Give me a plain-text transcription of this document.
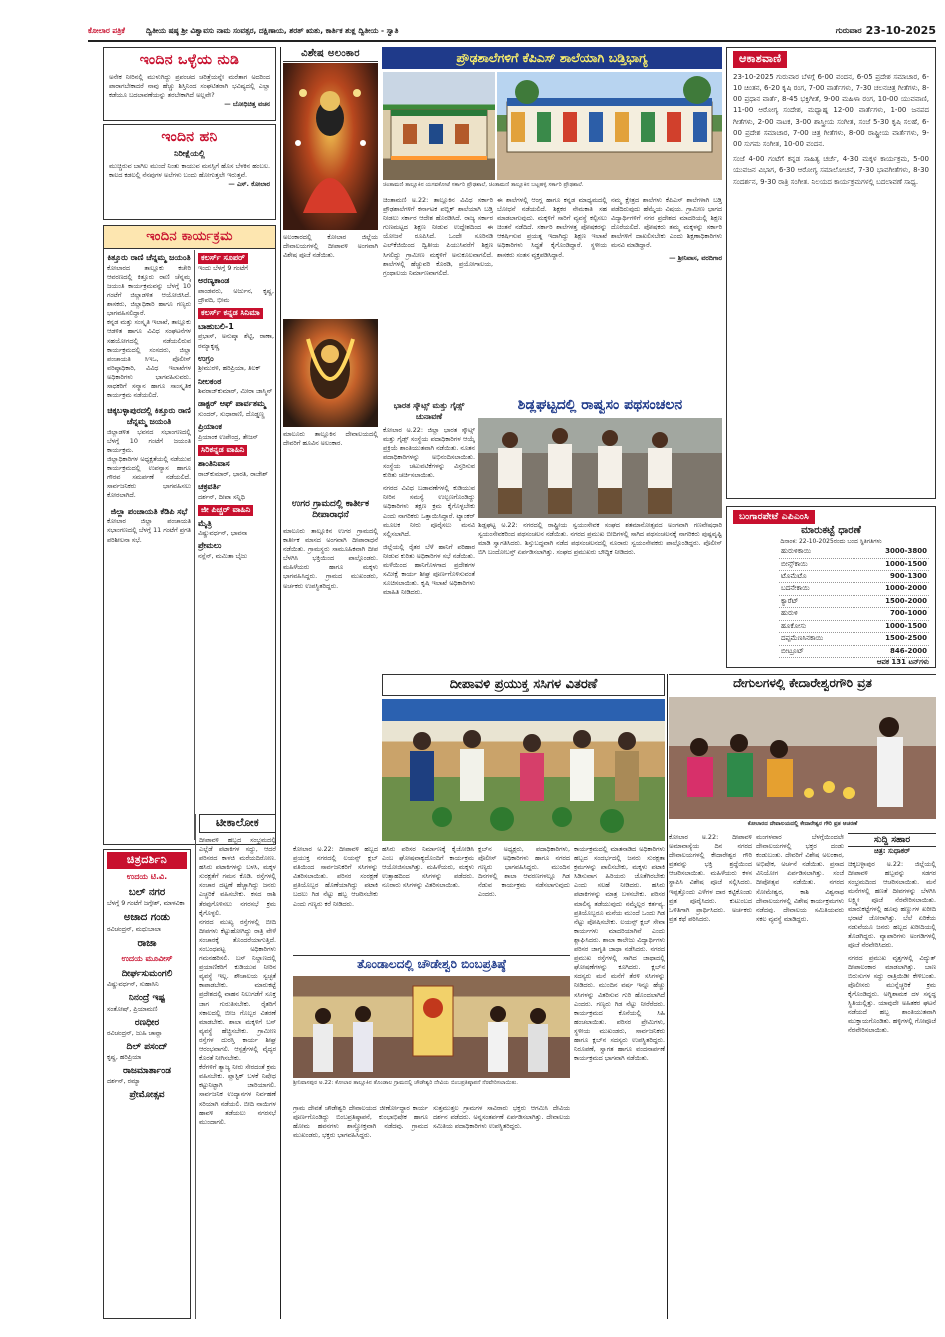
ಕೋಲಾರ ಪತ್ರಿಕೆ	ದ್ವಿತೀಯ ಷಷ್ಠ ಶ್ರೀ ವಿಶ್ವಾವಸು ನಾಮ ಸಂವತ್ಸರ, ದಕ್ಷಿಣಾಯ, ಶರತ್ ಋತು, ಕಾರ್ತಿಕ ಶುಕ್ಲ ದ್ವಿತೀಯ - ಸ್ವಾತಿ	ಗುರುವಾರ 23-10-2025
ಇಂದಿನ ಒಳ್ಳೆಯ ನುಡಿ
ಅನೇಕ ನೀರಿನಲ್ಲಿ ಮುಳುಗಿದ್ದು ಪ್ರಪಂಚದ ಚರಿತ್ರೆಯನ್ನೇ ಮರೆತಾಗ ಅದರಿಂದ ಪಾರಾಗಬೇಕಾದರೆ ನಾವು ಹೆಚ್ಚು ಶಿಸ್ತಿನಿಂದ ಸಂಘಟಿತರಾಗಿ ಭವಿಷ್ಯದಲ್ಲಿ ಎಲ್ಲಾ ಕಡೆಯೂ ಬದಲಾವಣೆಯನ್ನು ತರಬೇಕಾಗಿದೆ ಅಲ್ಲವೇ?
— ಬೋಧಿಚಿತ್ತ ವಚನ
ಇಂದಿನ ಹನಿ
ನಿರೀಕ್ಷೆಯಲ್ಲಿ
ಮುಚ್ಚಿರುವ ಬಾಗಿಲ ಮುಂದೆ ನಿಂತು ಕಾಯುವ ಮನಸ್ಸಿಗೆ ಹೊಸ ಬೆಳಕಿನ ಹಂಬಲ. ಕಾಲದ ಕಡಲಲ್ಲಿ ನೆನಪುಗಳ ಅಲೆಗಳು ಬಂದು ಹೋಗುತ್ತಲೇ ಇರುತ್ತವೆ.
— ಎಸ್. ಕೋಲಾರ
ಇಂದಿನ ಕಾರ್ಯಕ್ರಮ
ಕಿತ್ತೂರು ರಾಣಿ ಚೆನ್ನಮ್ಮ ಜಯಂತಿ
ಕೋಲಾರದ ತಾಲ್ಲೂಕು ಕಚೇರಿ ಆವರಣದಲ್ಲಿ ಕಿತ್ತೂರು ರಾಣಿ ಚೆನ್ನಮ್ಮ ಜಯಂತಿ ಕಾರ್ಯಕ್ರಮವನ್ನು ಬೆಳಗ್ಗೆ 10 ಗಂಟೆಗೆ ಜಿಲ್ಲಾಡಳಿತ ಆಯೋಜಿಸಿದೆ. ಶಾಸಕರು, ಜಿಲ್ಲಾಧಿಕಾರಿ ಹಾಗೂ ಗಣ್ಯರು ಭಾಗವಹಿಸಲಿದ್ದಾರೆ.
ಕನ್ನಡ ಮತ್ತು ಸಂಸ್ಕೃತಿ ಇಲಾಖೆ, ತಾಲ್ಲೂಕು ಆಡಳಿತ ಹಾಗೂ ವಿವಿಧ ಸಂಘಟನೆಗಳ ಸಹಯೋಗದಲ್ಲಿ ನಡೆಯಲಿರುವ ಕಾರ್ಯಕ್ರಮದಲ್ಲಿ ಸಂಸದರು, ಜಿಲ್ಲಾ ಪಂಚಾಯತಿ ಸಿಇಒ, ಪೊಲೀಸ್ ವರಿಷ್ಠಾಧಿಕಾರಿ, ವಿವಿಧ ಇಲಾಖೆಗಳ ಅಧಿಕಾರಿಗಳು ಭಾಗವಹಿಸುವರು. ಸಾಧಕರಿಗೆ ಸನ್ಮಾನ ಹಾಗೂ ಸಾಂಸ್ಕೃತಿಕ ಕಾರ್ಯಕ್ರಮ ನಡೆಯಲಿದೆ.
ಚಿಕ್ಕಬಳ್ಳಾಪುರದಲ್ಲಿ ಕಿತ್ತೂರು ರಾಣಿ ಚೆನ್ನಮ್ಮ ಜಯಂತಿ
ಜಿಲ್ಲಾಡಳಿತ ಭವನದ ಸಭಾಂಗಣದಲ್ಲಿ ಬೆಳಗ್ಗೆ 10 ಗಂಟೆಗೆ ಜಯಂತಿ ಕಾರ್ಯಕ್ರಮ.
ಜಿಲ್ಲಾಧಿಕಾರಿಗಳ ಅಧ್ಯಕ್ಷತೆಯಲ್ಲಿ ನಡೆಯುವ ಕಾರ್ಯಕ್ರಮದಲ್ಲಿ ಉಪನ್ಯಾಸ ಹಾಗೂ ಗೌರವ ಸಮರ್ಪಣೆ ನಡೆಯಲಿದೆ. ಸಾರ್ವಜನಿಕರು ಭಾಗವಹಿಸಲು ಕೋರಲಾಗಿದೆ.
ಜಿಲ್ಲಾ ಪಂಚಾಯತಿ ಕೆಡಿಪಿ ಸಭೆ
ಕೋಲಾರ ಜಿಲ್ಲಾ ಪಂಚಾಯತಿ ಸಭಾಂಗಣದಲ್ಲಿ ಬೆಳಗ್ಗೆ 11 ಗಂಟೆಗೆ ಪ್ರಗತಿ ಪರಿಶೀಲನಾ ಸಭೆ.
ಕಲರ್ಸ್ ಸೂಪರ್
ಇಂದು ಬೆಳಗ್ಗೆ 9 ಗಂಟೆಗೆ
ಅರಣ್ಯಕಾಂಡ
ಪಾಂಡವರು, ಅರ್ಜುನ, ಕೃಷ್ಣ, ದ್ರೌಪದಿ, ಭೀಮ
ಕಲರ್ಸ್ ಕನ್ನಡ ಸಿನಿಮಾ
ಬಾಹುಬಲಿ-1
ಪ್ರಭಾಸ್, ಅನುಷ್ಕಾ ಶೆಟ್ಟಿ, ರಾಣಾ, ರಮ್ಯಾಕೃಷ್ಣ
ಉಗ್ರಂ
ಶ್ರೀಮುರಳಿ, ಹರಿಪ್ರಿಯಾ, ತಿಲಕ್
ನೀಲಕಂಠ
ಶಿವರಾಜ್‌ಕುಮಾರ್, ಮೀರಾ ಜಾಸ್ಮಿನ್
ಡಾಕ್ಟರ್ ಆಫ್ ಪಾರ್ವತಮ್ಮ
ಸುಂದರ್, ಸುಧಾರಾಣಿ, ದೊಡ್ಡಣ್ಣ
ಪ್ರಿಯಾಂಕ
ಪ್ರಿಯಾಂಕ ಉಪೇಂದ್ರ, ತೇಜಸ್
ಸಿರಿಕನ್ನಡ ವಾಹಿನಿ
ಶಾಂತಿನಿವಾಸ
ರಾಜ್‌ಕುಮಾರ್, ಭಾರತಿ, ರಾಜೇಶ್
ಚಕ್ರವರ್ತಿ
ದರ್ಶನ್, ದೀಪಾ ಸನ್ನಿಧಿ
ಜೀ ಪಿಚ್ಚರ್ ವಾಹಿನಿ
ಮೈತ್ರಿ
ವಿಷ್ಣುವರ್ಧನ್, ಭಾವನಾ
ಪ್ರೇಮಲು
ನಸ್ಲೆನ್, ಮಮಿತಾ ಬೈಜು
ಚಿತ್ರದರ್ಶಿನಿ
ಉದಯ ಟಿ.ವಿ.
ಬಲ್ ನಗರ
ಬೆಳಗ್ಗೆ 9 ಗಂಟೆಗೆ ಜಗ್ಗೇಶ್, ಮಾಳವಿಕಾ
ಅಜಾದ ಗಂಡು
ರವಿಚಂದ್ರನ್, ಮಧುಬಾಲಾ
ರಾಜಾ
ಉದಯ ಮೂವೀಸ್
ದೀರ್ಘಸುಮಂಗಲಿ
ವಿಷ್ಣುವರ್ಧನ್, ಸುಹಾಸಿನಿ
ನಿನಂದ್ರೆ ಇಷ್ಟ
ಸಂತೋಷ್, ಪ್ರಿಯಾಮಣಿ
ರಣಧೀರ
ರವಿಚಂದ್ರನ್, ಜುಹಿ ಚಾವ್ಲಾ
ದಿಲ್ ಪಸಂದ್
ಕೃಷ್ಣ, ಹರಿಪ್ರಿಯಾ
ರಾಜಮಾರ್ತಾಂಡ
ದರ್ಶನ್, ರಮ್ಯಾ
ಪ್ರೇಮೋತ್ಸವ
ಟೀಕಾಲೋಕ
ದೀಪಾವಳಿ ಹಬ್ಬದ ಸಂಭ್ರಮದಲ್ಲಿ ಎಲ್ಲೆಡೆ ಪಟಾಕಿಗಳ ಸದ್ದು, ಆದರೆ ಪರಿಸರದ ಕಾಳಜಿ ಮರೆಯದಿರೋಣ. ಹಸಿರು ಪಟಾಕಿಗಳನ್ನು ಬಳಸಿ, ಮಕ್ಕಳ ಸುರಕ್ಷತೆಗೆ ಗಮನ ಕೊಡಿ. ರಸ್ತೆಗಳಲ್ಲಿ ಸಂಚಾರ ದಟ್ಟಣೆ ಹೆಚ್ಚಾಗಿದ್ದು ಜನರು ಎಚ್ಚರಿಕೆ ವಹಿಸಬೇಕು. ಕಸದ ರಾಶಿ ತೆರವುಗೊಳಿಸಲು ನಗರಸಭೆ ಕ್ರಮ ಕೈಗೊಳ್ಳಲಿ.
ನಗರದ ಮುಖ್ಯ ರಸ್ತೆಗಳಲ್ಲಿ ಬೀದಿ ದೀಪಗಳು ಕೆಟ್ಟುಹೋಗಿದ್ದು ರಾತ್ರಿ ವೇಳೆ ಸಂಚಾರಕ್ಕೆ ತೊಂದರೆಯಾಗುತ್ತಿದೆ. ಸಂಬಂಧಪಟ್ಟ ಅಧಿಕಾರಿಗಳು ಗಮನಹರಿಸಲಿ. ಬಸ್ ನಿಲ್ದಾಣದಲ್ಲಿ ಪ್ರಯಾಣಿಕರಿಗೆ ಕುಡಿಯುವ ನೀರಿನ ವ್ಯವಸ್ಥೆ ಇಲ್ಲ. ಶೌಚಾಲಯ ಸ್ವಚ್ಛತೆ ಕಾಪಾಡಬೇಕು. ಮಾರುಕಟ್ಟೆ ಪ್ರದೇಶದಲ್ಲಿ ವಾಹನ ನಿಲುಗಡೆಗೆ ಸೂಕ್ತ ಜಾಗ ಗುರುತಿಸಬೇಕು. ರೈತರಿಗೆ ಸಕಾಲದಲ್ಲಿ ಬೀಜ ಗೊಬ್ಬರ ವಿತರಣೆ ಮಾಡಬೇಕು. ಶಾಲಾ ಮಕ್ಕಳಿಗೆ ಬಸ್ ವ್ಯವಸ್ಥೆ ಹೆಚ್ಚಿಸಬೇಕು. ಗ್ರಾಮೀಣ ರಸ್ತೆಗಳ ದುರಸ್ತಿ ಕಾರ್ಯ ಶೀಘ್ರ ಆರಂಭವಾಗಲಿ. ಆಸ್ಪತ್ರೆಗಳಲ್ಲಿ ವೈದ್ಯರ ಕೊರತೆ ನೀಗಿಸಬೇಕು.
ಕೆರೆಗಳಿಗೆ ತ್ಯಾಜ್ಯ ನೀರು ಸೇರದಂತೆ ಕ್ರಮ ವಹಿಸಬೇಕು. ಪ್ಲಾಸ್ಟಿಕ್ ಬಳಕೆ ನಿಷೇಧ ಕಟ್ಟುನಿಟ್ಟಾಗಿ ಜಾರಿಯಾಗಲಿ. ಸಾರ್ವಜನಿಕ ಉದ್ಯಾನಗಳ ನಿರ್ವಹಣೆ ಸರಿಯಾಗಿ ನಡೆಯಲಿ. ಬೀದಿ ನಾಯಿಗಳ ಹಾವಳಿ ತಡೆಯಲು ನಗರಸಭೆ ಮುಂದಾಗಲಿ.
ವಿಶೇಷ ಅಲಂಕಾರ
ಅಲಂಕಾರದಲ್ಲಿ ಕೋಲಾರ ಜಿಲ್ಲೆಯ ದೇವಾಲಯಗಳಲ್ಲಿ ದೀಪಾವಳಿ ಅಂಗವಾಗಿ ವಿಶೇಷ ಪೂಜೆ ನಡೆಯಿತು.
ಮಾಲೂರು ತಾಲ್ಲೂಕಿನ ದೇವಾಲಯದಲ್ಲಿ ದೇವರಿಗೆ ಹೂವಿನ ಅಲಂಕಾರ.
ಉಗರ ಗ್ರಾಮದಲ್ಲಿ ಕಾರ್ತೀಕ ದೀಪಾರಾಧನೆ
ಮಾಲೂರು ತಾಲ್ಲೂಕಿನ ಉಗರ ಗ್ರಾಮದಲ್ಲಿ ಕಾರ್ತೀಕ ಮಾಸದ ಅಂಗವಾಗಿ ದೀಪಾರಾಧನೆ ನಡೆಯಿತು. ಗ್ರಾಮಸ್ಥರು ಸಾಮೂಹಿಕವಾಗಿ ದೀಪ ಬೆಳಗಿಸಿ ಭಕ್ತಿಯಿಂದ ಪಾಲ್ಗೊಂಡರು. ಮಹಿಳೆಯರು ಹಾಗೂ ಮಕ್ಕಳು ಭಾಗವಹಿಸಿದ್ದರು. ಗ್ರಾಮದ ಮುಖಂಡರು, ಅರ್ಚಕರು ಉಪಸ್ಥಿತರಿದ್ದರು.
ಪ್ರೌಢಶಾಲೆಗಳಿಗೆ ಕೆಪಿಎಸ್ ಶಾಲೆಯಾಗಿ ಬಡ್ತಿಭಾಗ್ಯ
ಚಿಂತಾಮಣಿ ತಾಲ್ಲೂಕಿನ ಯಗವಕೋಟೆ ಸರ್ಕಾರಿ ಪ್ರೌಢಶಾಲೆ, ಚಿಂತಾಮಣಿ ತಾಲ್ಲೂಕಿನ ಬಟ್ಲಹಳ್ಳಿ ಸರ್ಕಾರಿ ಪ್ರೌಢಶಾಲೆ.
ಚಿಂತಾಮಣಿ ಅ.22: ತಾಲ್ಲೂಕಿನ ವಿವಿಧ ಸರ್ಕಾರಿ ಪ್ರೌಢಶಾಲೆಗಳಿಗೆ ಕರ್ನಾಟಕ ಪಬ್ಲಿಕ್ ಶಾಲೆಯಾಗಿ ಬಡ್ತಿ ನೀಡಲು ಸರ್ಕಾರ ಆದೇಶ ಹೊರಡಿಸಿದೆ. ರಾಜ್ಯ ಸರ್ಕಾರ ಗುಣಮಟ್ಟದ ಶಿಕ್ಷಣ ನೀಡುವ ಉದ್ದೇಶದಿಂದ ಈ ಯೋಜನೆ ರೂಪಿಸಿದೆ. ಒಂದೇ ಸೂರಿನಡಿ ಎಲ್‌ಕೆಜಿಯಿಂದ ದ್ವಿತೀಯ ಪಿಯುಸಿವರೆಗೆ ಶಿಕ್ಷಣ ಸಿಗಲಿದ್ದು ಗ್ರಾಮೀಣ ಮಕ್ಕಳಿಗೆ ಅನುಕೂಲವಾಗಲಿದೆ. ಶಾಲೆಗಳಲ್ಲಿ ಹೆಚ್ಚುವರಿ ಕೊಠಡಿ, ಪ್ರಯೋಗಾಲಯ, ಗ್ರಂಥಾಲಯ ನಿರ್ಮಾಣವಾಗಲಿದೆ.
ಈ ಶಾಲೆಗಳಲ್ಲಿ ಆಂಗ್ಲ ಹಾಗೂ ಕನ್ನಡ ಮಾಧ್ಯಮದಲ್ಲಿ ಬೋಧನೆ ನಡೆಯಲಿದೆ. ಶಿಕ್ಷಕರ ನೇಮಕಾತಿ ಸಹ ಮಾಡಲಾಗುವುದು. ಮಕ್ಕಳಿಗೆ ಸಾರಿಗೆ ವ್ಯವಸ್ಥೆ ಕಲ್ಪಿಸಲು ಚಿಂತನೆ ನಡೆದಿದೆ. ಸರ್ಕಾರಿ ಶಾಲೆಗಳತ್ತ ಪೋಷಕರನ್ನು ಆಕರ್ಷಿಸುವ ಪ್ರಯತ್ನ ಇದಾಗಿದ್ದು ಶಿಕ್ಷಣ ಇಲಾಖೆ ಅಧಿಕಾರಿಗಳು ಸಿದ್ಧತೆ ಕೈಗೊಂಡಿದ್ದಾರೆ. ಸ್ಥಳೀಯ ಶಾಸಕರು ಸಂತಸ ವ್ಯಕ್ತಪಡಿಸಿದ್ದಾರೆ.
ನಮ್ಮ ಕ್ಷೇತ್ರದ ಶಾಲೆಗಳು ಕೆಪಿಎಸ್ ಶಾಲೆಗಳಾಗಿ ಬಡ್ತಿ ಪಡೆದಿರುವುದು ಹೆಮ್ಮೆಯ ವಿಷಯ. ಗ್ರಾಮೀಣ ಭಾಗದ ವಿದ್ಯಾರ್ಥಿಗಳಿಗೆ ನಗರ ಪ್ರದೇಶದ ಮಾದರಿಯಲ್ಲಿ ಶಿಕ್ಷಣ ದೊರೆಯಲಿದೆ. ಪೋಷಕರು ತಮ್ಮ ಮಕ್ಕಳನ್ನು ಸರ್ಕಾರಿ ಶಾಲೆಗಳಿಗೆ ದಾಖಲಿಸಬೇಕು ಎಂದು ಶಿಕ್ಷಣಾಧಿಕಾರಿಗಳು ಮನವಿ ಮಾಡಿದ್ದಾರೆ.
— ಶ್ರೀನಿವಾಸ, ವರದಿಗಾರ
ಶಿಡ್ಲಘಟ್ಟದಲ್ಲಿ ರಾಷ್ವಸಂ ಪಥಸಂಚಲನ
ಶಿಡ್ಲಘಟ್ಟ ಅ.22: ನಗರದಲ್ಲಿ ರಾಷ್ಟ್ರೀಯ ಸ್ವಯಂಸೇವಕ ಸಂಘದ ಶತಮಾನೋತ್ಸವದ ಅಂಗವಾಗಿ ಗಣವೇಷಧಾರಿ ಸ್ವಯಂಸೇವಕರಿಂದ ಪಥಸಂಚಲನ ನಡೆಯಿತು. ನಗರದ ಪ್ರಮುಖ ಬೀದಿಗಳಲ್ಲಿ ಸಾಗಿದ ಪಥಸಂಚಲನಕ್ಕೆ ನಾಗರಿಕರು ಪುಷ್ಪವೃಷ್ಟಿ ಮಾಡಿ ಸ್ವಾಗತಿಸಿದರು. ಶಿಸ್ತುಬದ್ಧವಾಗಿ ನಡೆದ ಪಥಸಂಚಲನದಲ್ಲಿ ನೂರಾರು ಸ್ವಯಂಸೇವಕರು ಪಾಲ್ಗೊಂಡಿದ್ದರು. ಪೊಲೀಸ್ ಬಿಗಿ ಬಂದೋಬಸ್ತ್ ಏರ್ಪಡಿಸಲಾಗಿತ್ತು. ಸಂಘದ ಪ್ರಮುಖರು ಬೌದ್ಧಿಕ ನೀಡಿದರು.
ಭಾರತ ಸ್ಕೌಟ್ಸ್ ಮತ್ತು ಗೈಡ್ಸ್ ಚುನಾವಣೆ
ಕೋಲಾರ ಅ.22: ಜಿಲ್ಲಾ ಭಾರತ ಸ್ಕೌಟ್ಸ್ ಮತ್ತು ಗೈಡ್ಸ್ ಸಂಸ್ಥೆಯ ಪದಾಧಿಕಾರಿಗಳ ಆಯ್ಕೆ ಪ್ರಕ್ರಿಯೆ ಶಾಂತಿಯುತವಾಗಿ ನಡೆಯಿತು. ನೂತನ ಪದಾಧಿಕಾರಿಗಳನ್ನು ಅಭಿನಂದಿಸಲಾಯಿತು. ಸಂಸ್ಥೆಯ ಚಟುವಟಿಕೆಗಳನ್ನು ವಿಸ್ತರಿಸುವ ಕುರಿತು ಚರ್ಚಿಸಲಾಯಿತು.
ನಗರದ ವಿವಿಧ ಬಡಾವಣೆಗಳಲ್ಲಿ ಕುಡಿಯುವ ನೀರಿನ ಸಮಸ್ಯೆ ಉಲ್ಬಣಗೊಂಡಿದ್ದು ಅಧಿಕಾರಿಗಳು ತಕ್ಷಣ ಕ್ರಮ ಕೈಗೊಳ್ಳಬೇಕು ಎಂದು ನಾಗರಿಕರು ಒತ್ತಾಯಿಸಿದ್ದಾರೆ. ಟ್ಯಾಂಕರ್ ಮೂಲಕ ನೀರು ಪೂರೈಸಲು ಮನವಿ ಸಲ್ಲಿಸಲಾಗಿದೆ.
ಜಿಲ್ಲೆಯಲ್ಲಿ ರೈತರ ಬೆಳೆ ಹಾನಿಗೆ ಪರಿಹಾರ ನೀಡುವ ಕುರಿತು ಅಧಿಕಾರಿಗಳ ಸಭೆ ನಡೆಯಿತು. ಮಳೆಯಿಂದ ಹಾನಿಗೊಳಗಾದ ಪ್ರದೇಶಗಳ ಸಮೀಕ್ಷೆ ಕಾರ್ಯ ಶೀಘ್ರ ಪೂರ್ಣಗೊಳಿಸುವಂತೆ ಸೂಚಿಸಲಾಯಿತು. ಕೃಷಿ ಇಲಾಖೆ ಅಧಿಕಾರಿಗಳು ಮಾಹಿತಿ ನೀಡಿದರು.
ಆಕಾಶವಾಣಿ
23-10-2025 ಗುರುವಾರ ಬೆಳಗ್ಗೆ 6-00 ವಂದನ, 6-05 ಪ್ರದೇಶ ಸಮಾಚಾರ, 6-10 ಚಿಂತನ, 6-20 ಕೃಷಿ ರಂಗ, 7-00 ವಾರ್ತೆಗಳು, 7-30 ಚಲನಚಿತ್ರ ಗೀತೆಗಳು, 8-00 ಪ್ರಧಾನ ವಾರ್ತೆ, 8-45 ಭಕ್ತಿಗೀತೆ, 9-00 ಮಹಿಳಾ ರಂಗ, 10-00 ಯುವವಾಣಿ, 11-00 ಆರೋಗ್ಯ ಸಂದೇಶ, ಮಧ್ಯಾಹ್ನ 12-00 ವಾರ್ತೆಗಳು, 1-00 ಜನಪದ ಗೀತೆಗಳು, 2-00 ನಾಟಕ, 3-00 ಶಾಸ್ತ್ರೀಯ ಸಂಗೀತ, ಸಂಜೆ 5-30 ಕೃಷಿ ಸಲಹೆ, 6-00 ಪ್ರದೇಶ ಸಮಾಚಾರ, 7-00 ಚಿತ್ರ ಗೀತೆಗಳು, 8-00 ರಾಷ್ಟ್ರೀಯ ವಾರ್ತೆಗಳು, 9-00 ಸುಗಮ ಸಂಗೀತ, 10-00 ವಂದನ.
ಸಂಜೆ 4-00 ಗಂಟೆಗೆ ಕನ್ನಡ ಸಾಹಿತ್ಯ ಚರ್ಚೆ, 4-30 ಮಕ್ಕಳ ಕಾರ್ಯಕ್ರಮ, 5-00 ಯುವಜನ ವಿಭಾಗ, 6-30 ಆರೋಗ್ಯ ಸಮಾಲೋಚನೆ, 7-30 ಭಾವಗೀತೆಗಳು, 8-30 ಸಂದರ್ಶನ, 9-30 ರಾತ್ರಿ ಸಂಗೀತ. ನಿಲಯದ ಕಾರ್ಯಕ್ರಮಗಳಲ್ಲಿ ಬದಲಾವಣೆ ಸಾಧ್ಯ.
ಬಂಗಾರಪೇಟೆ ಎಪಿಎಂಸಿ
ಮಾರುಕಟ್ಟೆ ಧಾರಣೆ
ದಿನಾಂಕ: 22-10-2025ರಂದು ಬಂದ ಸ್ಥಿತಿಗತಿಗಳು
ಹುರುಳಿಕಾಯಿ	3000-3800
ಬೀನ್ಸ್‌ಕಾಯಿ	1000-1500
ಟೊಮೆಟೊ	900-1300
ಬದನೇಕಾಯಿ	1000-2000
ಕ್ಯಾರೆಟ್	1500-2000
ಹುರುಳಿ	700-1000
ಹೂಕೋಸು	1000-1500
ದಪ್ಪಮೆಣಸಿನಕಾಯಿ	1500-2500
ಬೀಟ್ರೂಟ್	846-2000
ಆವಕ 131 ಟನ್‌ಗಳು
ದೀಪಾವಳಿ ಪ್ರಯುಕ್ತ ಸಸಿಗಳ ವಿತರಣೆ
ಕೋಲಾರ ಅ.22: ದೀಪಾವಳಿ ಹಬ್ಬದ ಪ್ರಯುಕ್ತ ನಗರದಲ್ಲಿ ಲಯನ್ಸ್ ಕ್ಲಬ್ ವತಿಯಿಂದ ಸಾರ್ವಜನಿಕರಿಗೆ ಸಸಿಗಳನ್ನು ವಿತರಿಸಲಾಯಿತು. ಪರಿಸರ ಸಂರಕ್ಷಣೆ ಪ್ರತಿಯೊಬ್ಬರ ಹೊಣೆಯಾಗಿದ್ದು ಪಟಾಕಿ ಬದಲು ಗಿಡ ನೆಟ್ಟು ಹಬ್ಬ ಆಚರಿಸಬೇಕು ಎಂದು ಗಣ್ಯರು ಕರೆ ನೀಡಿದರು.
ಹಸಿರು ಪರಿಸರ ನಿರ್ಮಾಣಕ್ಕೆ ಕೈಜೋಡಿಸಿ ಎಂಬ ಘೋಷವಾಕ್ಯದೊಂದಿಗೆ ಕಾರ್ಯಕ್ರಮ ಆಯೋಜಿಸಲಾಗಿತ್ತು. ಮಹಿಳೆಯರು, ಮಕ್ಕಳು ಉತ್ಸಾಹದಿಂದ ಸಸಿಗಳನ್ನು ಪಡೆದರು. ನೂರಾರು ಸಸಿಗಳನ್ನು ವಿತರಿಸಲಾಯಿತು.
ಕ್ಲಬ್‌ನ ಅಧ್ಯಕ್ಷರು, ಪದಾಧಿಕಾರಿಗಳು, ಪೊಲೀಸ್ ಅಧಿಕಾರಿಗಳು ಹಾಗೂ ನಗರದ ಗಣ್ಯರು ಭಾಗವಹಿಸಿದ್ದರು. ಮುಂದಿನ ದಿನಗಳಲ್ಲಿ ಶಾಲಾ ಆವರಣಗಳಲ್ಲೂ ಗಿಡ ನೆಡುವ ಕಾರ್ಯಕ್ರಮ ನಡೆಸಲಾಗುವುದು ಎಂದರು.
ಕಾರ್ಯಕ್ರಮದಲ್ಲಿ ಮಾತನಾಡಿದ ಅಧಿಕಾರಿಗಳು ಹಬ್ಬದ ಸಂದರ್ಭದಲ್ಲಿ ಜನರು ಸುರಕ್ಷತಾ ಕ್ರಮಗಳನ್ನು ಪಾಲಿಸಬೇಕು, ಮಕ್ಕಳು ಪಟಾಕಿ ಸಿಡಿಸುವಾಗ ಹಿರಿಯರು ಜೊತೆಗಿರಬೇಕು ಎಂದು ಸಲಹೆ ನೀಡಿದರು. ಹಸಿರು ಪಟಾಕಿಗಳನ್ನು ಮಾತ್ರ ಬಳಸಬೇಕು. ಪರಿಸರ ಮಾಲಿನ್ಯ ತಡೆಯುವುದು ನಮ್ಮೆಲ್ಲರ ಕರ್ತವ್ಯ. ಪ್ರತಿಯೊಬ್ಬರೂ ಮನೆಯ ಮುಂದೆ ಒಂದು ಗಿಡ ನೆಟ್ಟು ಪೋಷಿಸಬೇಕು. ಲಯನ್ಸ್ ಕ್ಲಬ್ ಸೇವಾ ಕಾರ್ಯಗಳು ಮಾದರಿಯಾಗಿವೆ ಎಂದು ಶ್ಲಾಘಿಸಿದರು. ಶಾಲಾ ಕಾಲೇಜು ವಿದ್ಯಾರ್ಥಿಗಳು ಪರಿಸರ ಜಾಗೃತಿ ಜಾಥಾ ನಡೆಸಿದರು. ನಗರದ ಪ್ರಮುಖ ರಸ್ತೆಗಳಲ್ಲಿ ಸಾಗಿದ ಜಾಥಾದಲ್ಲಿ ಘೋಷಣೆಗಳನ್ನು ಕೂಗಿದರು. ಕ್ಲಬ್‌ನ ಸದಸ್ಯರು ಮನೆ ಮನೆಗೆ ತೆರಳಿ ಸಸಿಗಳನ್ನು ನೀಡಿದರು. ಮುಂದಿನ ವರ್ಷ ಇನ್ನೂ ಹೆಚ್ಚು ಸಸಿಗಳನ್ನು ವಿತರಿಸುವ ಗುರಿ ಹೊಂದಲಾಗಿದೆ ಎಂದರು. ಗಣ್ಯರು ಗಿಡ ನೆಟ್ಟು ನೀರೆರೆದರು. ಕಾರ್ಯಕ್ರಮದ ಕೊನೆಯಲ್ಲಿ ಸಿಹಿ ಹಂಚಲಾಯಿತು. ಪರಿಸರ ಪ್ರೇಮಿಗಳು, ಸ್ಥಳೀಯ ಮುಖಂಡರು, ಸಾರ್ವಜನಿಕರು ಹಾಗೂ ಕ್ಲಬ್‌ನ ಸದಸ್ಯರು ಉಪಸ್ಥಿತರಿದ್ದರು. ನಿರೂಪಣೆ, ಸ್ವಾಗತ ಹಾಗೂ ವಂದನಾರ್ಪಣೆ ಕಾರ್ಯಕ್ರಮದ ಭಾಗವಾಗಿ ನಡೆಯಿತು.
ತೊಂಡಾಲದಲ್ಲಿ ಚೌಡೇಶ್ವರಿ ಬಿಂಬಪ್ರತಿಷ್ಠೆ
ಶ್ರೀನಿವಾಸಪುರ ಅ.22: ಕೋಲಾರ ತಾಲ್ಲೂಕಿನ ತೊಂಡಾಲ ಗ್ರಾಮದಲ್ಲಿ ಚೌಡೇಶ್ವರಿ ದೇವಿಯ ಬಿಂಬಪ್ರತಿಷ್ಠಾಪನೆ ನೆರವೇರಿಸಲಾಯಿತು.
ಗ್ರಾಮ ದೇವತೆ ಚೌಡೇಶ್ವರಿ ದೇವಾಲಯದ ಜೀರ್ಣೋದ್ಧಾರ ಕಾರ್ಯ ಪೂರ್ಣಗೊಂಡಿದ್ದು ಬಿಂಬಪ್ರತಿಷ್ಠಾಪನೆ, ಕುಂಭಾಭಿಷೇಕ ಹಾಗೂ ಹೋಮ ಹವನಗಳು ಶಾಸ್ತ್ರೋಕ್ತವಾಗಿ ನಡೆದವು. ಗ್ರಾಮದ ಮುಖಂಡರು, ಭಕ್ತರು ಭಾಗವಹಿಸಿದ್ದರು.
ಸುತ್ತಮುತ್ತಲ ಗ್ರಾಮಗಳ ಸಾವಿರಾರು ಭಕ್ತರು ಆಗಮಿಸಿ ದೇವಿಯ ದರ್ಶನ ಪಡೆದರು. ಅನ್ನಸಂತರ್ಪಣೆ ಏರ್ಪಡಿಸಲಾಗಿತ್ತು. ದೇವಾಲಯ ಸಮಿತಿಯ ಪದಾಧಿಕಾರಿಗಳು ಉಪಸ್ಥಿತರಿದ್ದರು.
ದೇಗುಲಗಳಲ್ಲಿ ಕೇದಾರೇಶ್ವರಗೌರಿ ವ್ರತ
ಕೋಲಾರದ ದೇವಾಲಯದಲ್ಲಿ ಕೇದಾರೇಶ್ವರ ಗೌರಿ ವ್ರತ ಆಚರಣೆ
ಕೋಲಾರ ಅ.22: ದೀಪಾವಳಿ ಅಮಾವಾಸ್ಯೆಯ ದಿನ ನಗರದ ದೇವಾಲಯಗಳಲ್ಲಿ ಕೇದಾರೇಶ್ವರ ಗೌರಿ ವ್ರತವನ್ನು ಭಕ್ತಿ ಶ್ರದ್ಧೆಯಿಂದ ಆಚರಿಸಲಾಯಿತು. ಮಹಿಳೆಯರು ಕಳಸ ಸ್ಥಾಪಿಸಿ ವಿಶೇಷ ಪೂಜೆ ಸಲ್ಲಿಸಿದರು. ಇಪ್ಪತ್ತೊಂದು ಎಳೆಗಳ ದಾರ ಕಟ್ಟಿಕೊಂಡು ವ್ರತ ಪೂರೈಸಿದರು. ಕುಟುಂಬದ ಒಳಿತಿಗಾಗಿ ಪ್ರಾರ್ಥಿಸಿದರು. ಅರ್ಚಕರು ವ್ರತ ಕಥೆ ಪಠಿಸಿದರು.
ಮಂಗಳವಾರ ಬೆಳಗ್ಗೆಯಿಂದಲೇ ದೇವಾಲಯಗಳಲ್ಲಿ ಭಕ್ತರ ದಂಡು ಕಂಡುಬಂತು. ದೇವರಿಗೆ ವಿಶೇಷ ಅಲಂಕಾರ, ಅಭಿಷೇಕ, ಅರ್ಚನೆ ನಡೆಯಿತು. ಪ್ರಸಾದ ವಿನಿಯೋಗ ಏರ್ಪಡಿಸಲಾಗಿತ್ತು. ಸಂಜೆ ದೀಪೋತ್ಸವ ನಡೆಯಿತು. ನಗರದ ಸೋಮೇಶ್ವರ, ಕಾಶಿ ವಿಶ್ವನಾಥ ದೇವಾಲಯಗಳಲ್ಲಿ ವಿಶೇಷ ಕಾರ್ಯಕ್ರಮಗಳು ನಡೆದವು. ದೇವಾಲಯ ಸಮಿತಿಯವರು ಸಕಲ ವ್ಯವಸ್ಥೆ ಮಾಡಿದ್ದರು.
ಸುದ್ದಿ ಸಹಾರ
ಚಿತ್ರ: ಸುಧಾಕರ್
ಚಿಕ್ಕಬಳ್ಳಾಪುರ ಅ.22: ಜಿಲ್ಲೆಯಲ್ಲಿ ದೀಪಾವಳಿ ಹಬ್ಬವನ್ನು ಸಡಗರ ಸಂಭ್ರಮದಿಂದ ಆಚರಿಸಲಾಯಿತು. ಮನೆ ಮನೆಗಳಲ್ಲಿ ಹಣತೆ ದೀಪಗಳನ್ನು ಬೆಳಗಿಸಿ ಲಕ್ಷ್ಮೀ ಪೂಜೆ ನೆರವೇರಿಸಲಾಯಿತು. ಮಾರುಕಟ್ಟೆಗಳಲ್ಲಿ ಹೂವು ಹಣ್ಣುಗಳ ಖರೀದಿ ಭರಾಟೆ ಜೋರಾಗಿತ್ತು. ಬೆಲೆ ಏರಿಕೆಯ ನಡುವೆಯೂ ಜನರು ಹಬ್ಬದ ಖರೀದಿಯಲ್ಲಿ ತೊಡಗಿದ್ದರು. ವ್ಯಾಪಾರಿಗಳು ಅಂಗಡಿಗಳಲ್ಲಿ ಪೂಜೆ ನೆರವೇರಿಸಿದರು.
ನಗರದ ಪ್ರಮುಖ ವೃತ್ತಗಳಲ್ಲಿ ವಿದ್ಯುತ್ ದೀಪಾಲಂಕಾರ ಮಾಡಲಾಗಿತ್ತು. ಬಾಣ ಬಿರುಸುಗಳ ಸದ್ದು ರಾತ್ರಿಯಿಡೀ ಕೇಳಿಬಂತು. ಪೊಲೀಸರು ಮುನ್ನೆಚ್ಚರಿಕೆ ಕ್ರಮ ಕೈಗೊಂಡಿದ್ದರು. ಅಗ್ನಿಶಾಮಕ ದಳ ಸನ್ನದ್ಧ ಸ್ಥಿತಿಯಲ್ಲಿತ್ತು. ಯಾವುದೇ ಅಹಿತಕರ ಘಟನೆ ನಡೆಯದೆ ಹಬ್ಬ ಶಾಂತಿಯುತವಾಗಿ ಮುಕ್ತಾಯಗೊಂಡಿತು. ಹಳ್ಳಿಗಳಲ್ಲಿ ಗೋಪೂಜೆ ನೆರವೇರಿಸಲಾಯಿತು.
